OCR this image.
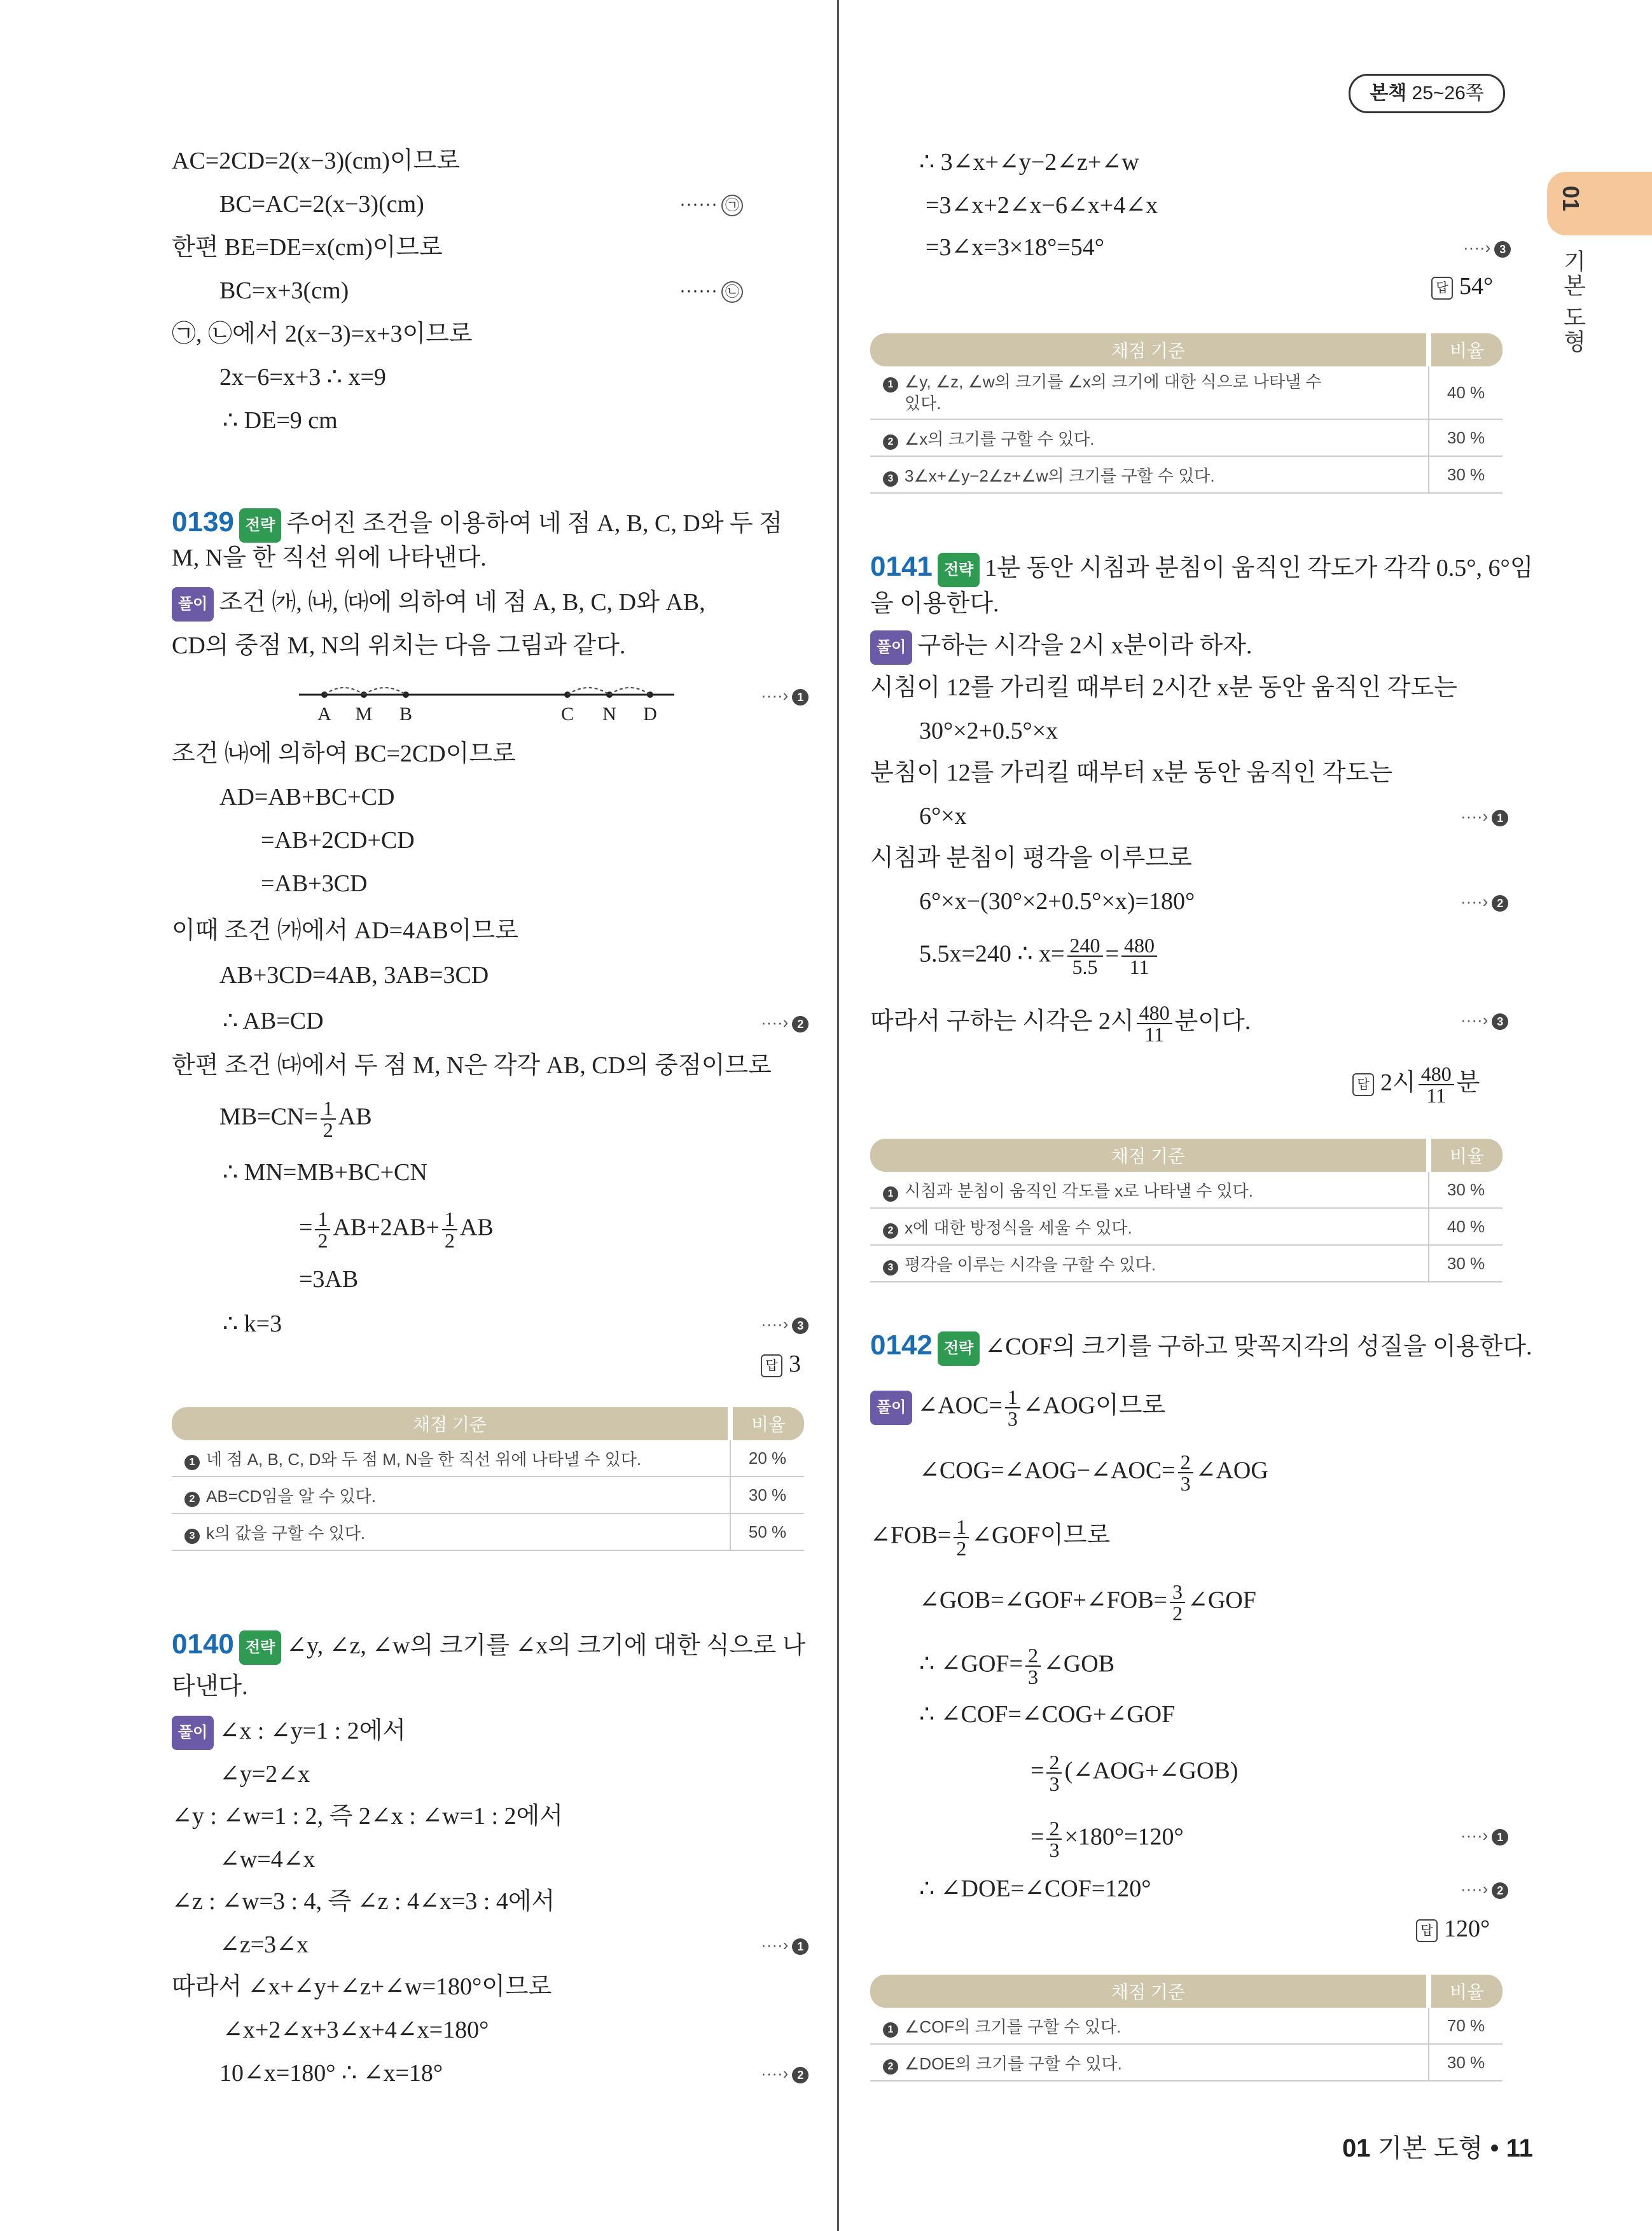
본책 25~26쪽
01
기본 도형
AC=2CD=2(x−3)(cm)이므로
BC=AC=2(x−3)(cm)	······ ㉠
한편 BE=DE=x(cm)이므로
BC=x+3(cm)	······ ㉡
㉠, ㉡에서 2(x−3)=x+3이므로
2x−6=x+3 ∴ x=9
∴ DE=9 cm
0139 전략 주어진 조건을 이용하여 네 점 A, B, C, D와 두 점
M, N을 한 직선 위에 나타낸다.
풀이 조건 ㈎, ㈏, ㈐에 의하여 네 점 A, B, C, D와 AB,
CD의 중점 M, N의 위치는 다음 그림과 같다.
A M B	C N D
····› 1
조건 ㈏에 의하여 BC=2CD이므로
AD=AB+BC+CD
=AB+2CD+CD
=AB+3CD
이때 조건 ㈎에서 AD=4AB이므로
AB+3CD=4AB, 3AB=3CD
∴ AB=CD	····› 2
한편 조건 ㈐에서 두 점 M, N은 각각 AB, CD의 중점이므로
$MB=CN= \frac{1}{2}$ AB
∴ MN=MB+BC+CN
= $\frac{1}{2} AB+2AB+ \frac{1}{2}$ AB
=3AB
∴ k=3	····› 3
답 3
채점 기준	비율
1 네 점 A, B, C, D와 두 점 M, N을 한 직선 위에 나타낼 수 있다.	20 %
2 AB=CD임을 알 수 있다.	30 %
3 k의 값을 구할 수 있다.	50 %
0140 전략 ∠y, ∠z, ∠w의 크기를 ∠x의 크기에 대한 식으로 나
타낸다.
풀이 ∠x : ∠y=1 : 2에서
∠y=2∠x
∠y : ∠w=1 : 2, 즉 2∠x : ∠w=1 : 2에서
∠w=4∠x
∠z : ∠w=3 : 4, 즉 ∠z : 4∠x=3 : 4에서
∠z=3∠x	····› 1
따라서 ∠x+∠y+∠z+∠w=180°이므로
∠x+2∠x+3∠x+4∠x=180°
10∠x=180° ∴ ∠x=18°	····› 2
∴ 3∠x+∠y−2∠z+∠w
=3∠x+2∠x−6∠x+4∠x
=3∠x=3×18°=54°	····› 3
답 54°
채점 기준	비율
1 ∠y, ∠z, ∠w의 크기를 ∠x의 크기에 대한 식으로 나타낼 수
있다.	40 %
2 ∠x의 크기를 구할 수 있다.	30 %
3 3∠x+∠y−2∠z+∠w의 크기를 구할 수 있다.	30 %
0141 전략 1분 동안 시침과 분침이 움직인 각도가 각각 0.5°, 6°임
을 이용한다.
풀이 구하는 시각을 2시 x분이라 하자.
시침이 12를 가리킬 때부터 2시간 x분 동안 움직인 각도는
30°×2+0.5°×x
분침이 12를 가리킬 때부터 x분 동안 움직인 각도는
6°×x	····› 1
시침과 분침이 평각을 이루므로
6°×x−(30°×2+0.5°×x)=180°	····› 2
5.5x=240 ∴ $x= \frac{240}{5.5} = \frac{480}{11}$
따라서 구하는 시각은 2시 $\frac{480}{11}$ 분이다.	····› 3
답 2시 $\frac{480}{11}$ 분
채점 기준	비율
1 시침과 분침이 움직인 각도를 x로 나타낼 수 있다.	30 %
2 x에 대한 방정식을 세울 수 있다.	40 %
3 평각을 이루는 시각을 구할 수 있다.	30 %
0142 전략 ∠COF의 크기를 구하고 맞꼭지각의 성질을 이용한다.
풀이 ∠AOC= $\frac{1}{3}$ ∠AOG이므로
∠COG=∠AOG−∠AOC= $\frac{2}{3}$ ∠AOG
∠FOB= $\frac{1}{2}$ ∠GOF이므로
∠GOB=∠GOF+∠FOB= $\frac{3}{2}$ ∠GOF
∴ ∠GOF= $\frac{2}{3}$ ∠GOB
∴ ∠COF=∠COG+∠GOF
= $\frac{2}{3}$ (∠AOG+∠GOB)
= $\frac{2}{3} \times 180^\circ=120^\circ$	····› 1
∴ ∠DOE=∠COF=120°	····› 2
답 120°
채점 기준	비율
1 ∠COF의 크기를 구할 수 있다.	70 %
2 ∠DOE의 크기를 구할 수 있다.	30 %
01 기본 도형 • 11
